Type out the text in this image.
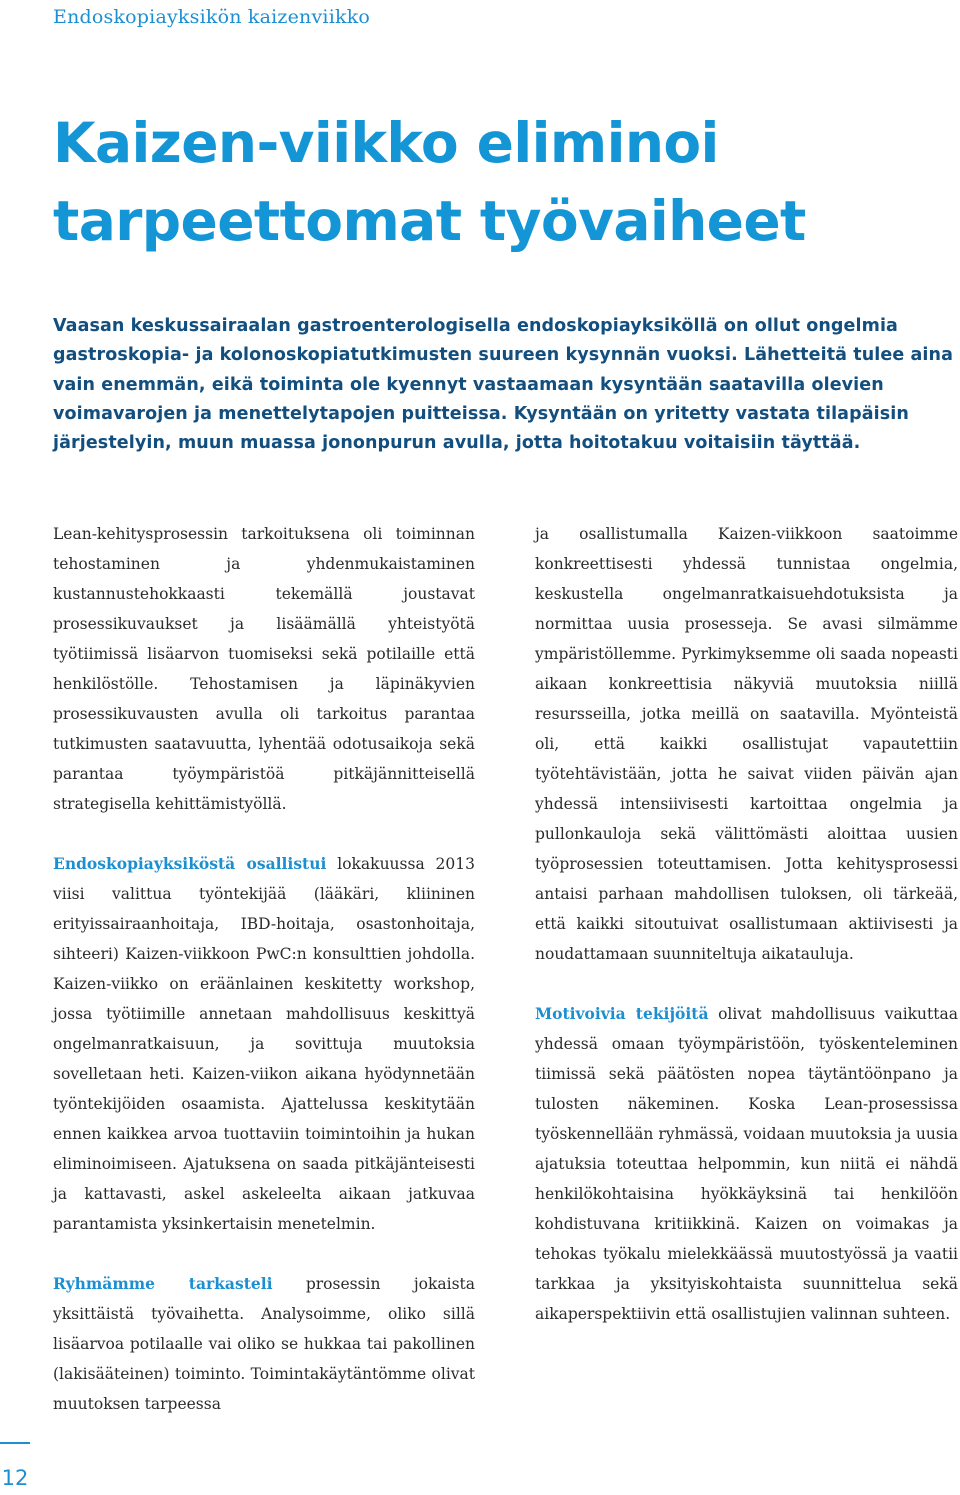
Endoskopiayksikön kaizenviikko
Kaizen-viikko eliminoi
tarpeettomat työvaiheet

Vaasan keskussairaalan gastroenterologisella endoskopiayksiköllä on ollut ongelmia gastroskopia- ja kolonoskopiatutkimusten suureen kysynnän vuoksi. Lähetteitä tulee aina vain enemmän, eikä toiminta ole kyennyt vastaamaan kysyntään saatavilla olevien voimavarojen ja menettelytapojen puitteissa. Kysyntään on yritetty vastata tilapäisin järjestelyin, muun muassa jononpurun avulla, jotta hoitotakuu voitaisiin täyttää.

Lean-kehitysprosessin tarkoituksena oli toiminnan tehostaminen ja yhdenmukaistaminen kustannustehokkaasti tekemällä joustavat prosessikuvaukset ja lisäämällä yhteistyötä työtiimissä lisäarvon tuomiseksi sekä potilaille että henkilöstölle. Tehostamisen ja läpinäkyvien prosessikuvausten avulla oli tarkoitus parantaa tutkimusten saatavuutta, lyhentää odotusaikoja sekä parantaa työympäristöä pitkäjännitteisellä strategisella kehittämistyöllä.

Endoskopiayksiköstä osallistui lokakuussa 2013 viisi valittua työntekijää (lääkäri, kliininen erityissairaanhoitaja, IBD-hoitaja, osastonhoitaja, sihteeri) Kaizen-viikkoon PwC:n konsulttien johdolla. Kaizen-viikko on eräänlainen keskitetty workshop, jossa työtiimille annetaan mahdollisuus keskittyä ongelmanratkaisuun, ja sovittuja muutoksia sovelletaan heti. Kaizen-viikon aikana hyödynnetään työntekijöiden osaamista. Ajattelussa keskitytään ennen kaikkea arvoa tuottaviin toimintoihin ja hukan eliminoimiseen. Ajatuksena on saada pitkäjänteisesti ja kattavasti, askel askeleelta aikaan jatkuvaa parantamista yksinkertaisin menetelmin.

Ryhmämme tarkasteli prosessin jokaista yksittäistä työvaihetta. Analysoimme, oliko sillä lisäarvoa potilaalle vai oliko se hukkaa tai pakollinen (lakisääteinen) toiminto. Toimintakäytäntömme olivat muutoksen tarpeessa

ja osallistumalla Kaizen-viikkoon saatoimme konkreettisesti yhdessä tunnistaa ongelmia, keskustella ongelmanratkaisuehdotuksista ja normittaa uusia prosesseja. Se avasi silmämme ympäristöllemme. Pyrkimyksemme oli saada nopeasti aikaan konkreettisia näkyviä muutoksia niillä resursseilla, jotka meillä on saatavilla. Myönteistä oli, että kaikki osallistujat vapautettiin työtehtävistään, jotta he saivat viiden päivän ajan yhdessä intensiivisesti kartoittaa ongelmia ja pullonkauloja sekä välittömästi aloittaa uusien työprosessien toteuttamisen. Jotta kehitysprosessi antaisi parhaan mahdollisen tuloksen, oli tärkeää, että kaikki sitoutuivat osallistumaan aktiivisesti ja noudattamaan suunniteltuja aikatauluja.

Motivoivia tekijöitä olivat mahdollisuus vaikuttaa yhdessä omaan työympäristöön, työskenteleminen tiimissä sekä päätösten nopea täytäntöönpano ja tulosten näkeminen. Koska Lean-prosessissa työskennellään ryhmässä, voidaan muutoksia ja uusia ajatuksia toteuttaa helpommin, kun niitä ei nähdä henkilökohtaisina hyökkäyksinä tai henkilöön kohdistuvana kritiikkinä. Kaizen on voimakas ja tehokas työkalu mielekkäässä muutostyössä ja vaatii tarkkaa ja yksityiskohtaista suunnittelua sekä aikaperspektiivin että osallistujien valinnan suhteen.

12
